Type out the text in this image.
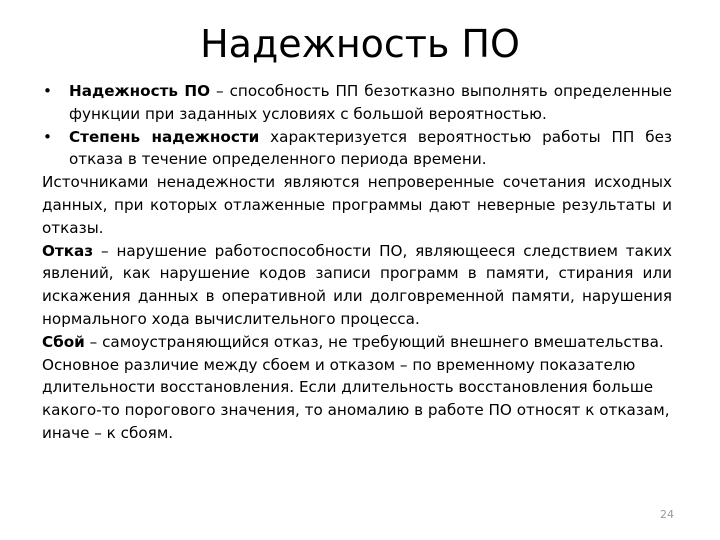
Надежность ПО
• Надежность ПО – способность ПП безотказно выполнять определенные функции при заданных условиях с большой вероятностью.
• Степень надежности характеризуется вероятностью работы ПП без отказа в течение определенного периода времени.
Источниками ненадежности являются непроверенные сочетания исходных данных, при которых отлаженные программы дают неверные результаты и отказы.
Отказ – нарушение работоспособности ПО, являющееся следствием таких явлений, как нарушение кодов записи программ в памяти, стирания или искажения данных в оперативной или долговременной памяти, нарушения нормального хода вычислительного процесса.
Сбой – самоустраняющийся отказ, не требующий внешнего вмешательства. Основное различие между сбоем и отказом – по временному показателю длительности восстановления. Если длительность восстановления больше какого-то порогового значения, то аномалию в работе ПО относят к отказам, иначе – к сбоям.
24
